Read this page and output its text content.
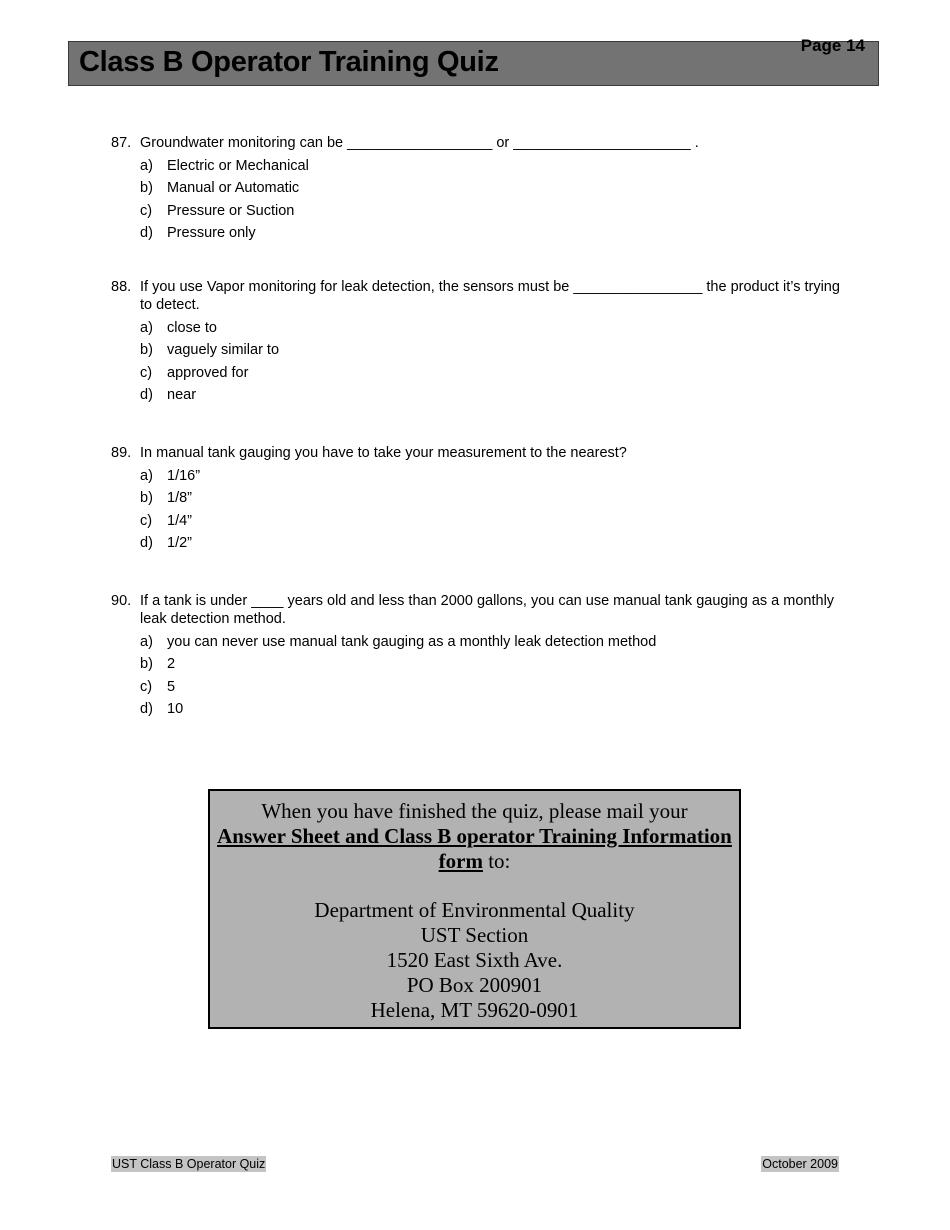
Class B Operator Training Quiz
Page 14
87. Groundwater monitoring can be __________________ or ______________________ .
a) Electric or Mechanical
b) Manual or Automatic
c) Pressure or Suction
d) Pressure only
88. If you use Vapor monitoring for leak detection, the sensors must be ________________ the product it’s trying to detect.
a) close to
b) vaguely similar to
c) approved for
d) near
89. In manual tank gauging you have to take your measurement to the nearest?
a) 1/16”
b) 1/8”
c) 1/4”
d) 1/2”
90. If a tank is under ____ years old and less than 2000 gallons, you can use manual tank gauging as a monthly leak detection method.
a) you can never use manual tank gauging as a monthly leak detection method
b) 2
c) 5
d) 10
When you have finished the quiz, please mail your
Answer Sheet and Class B operator Training Information form to:
Department of Environmental Quality
UST Section
1520 East Sixth Ave.
PO Box 200901
Helena, MT 59620-0901
UST Class B Operator Quiz	October 2009
